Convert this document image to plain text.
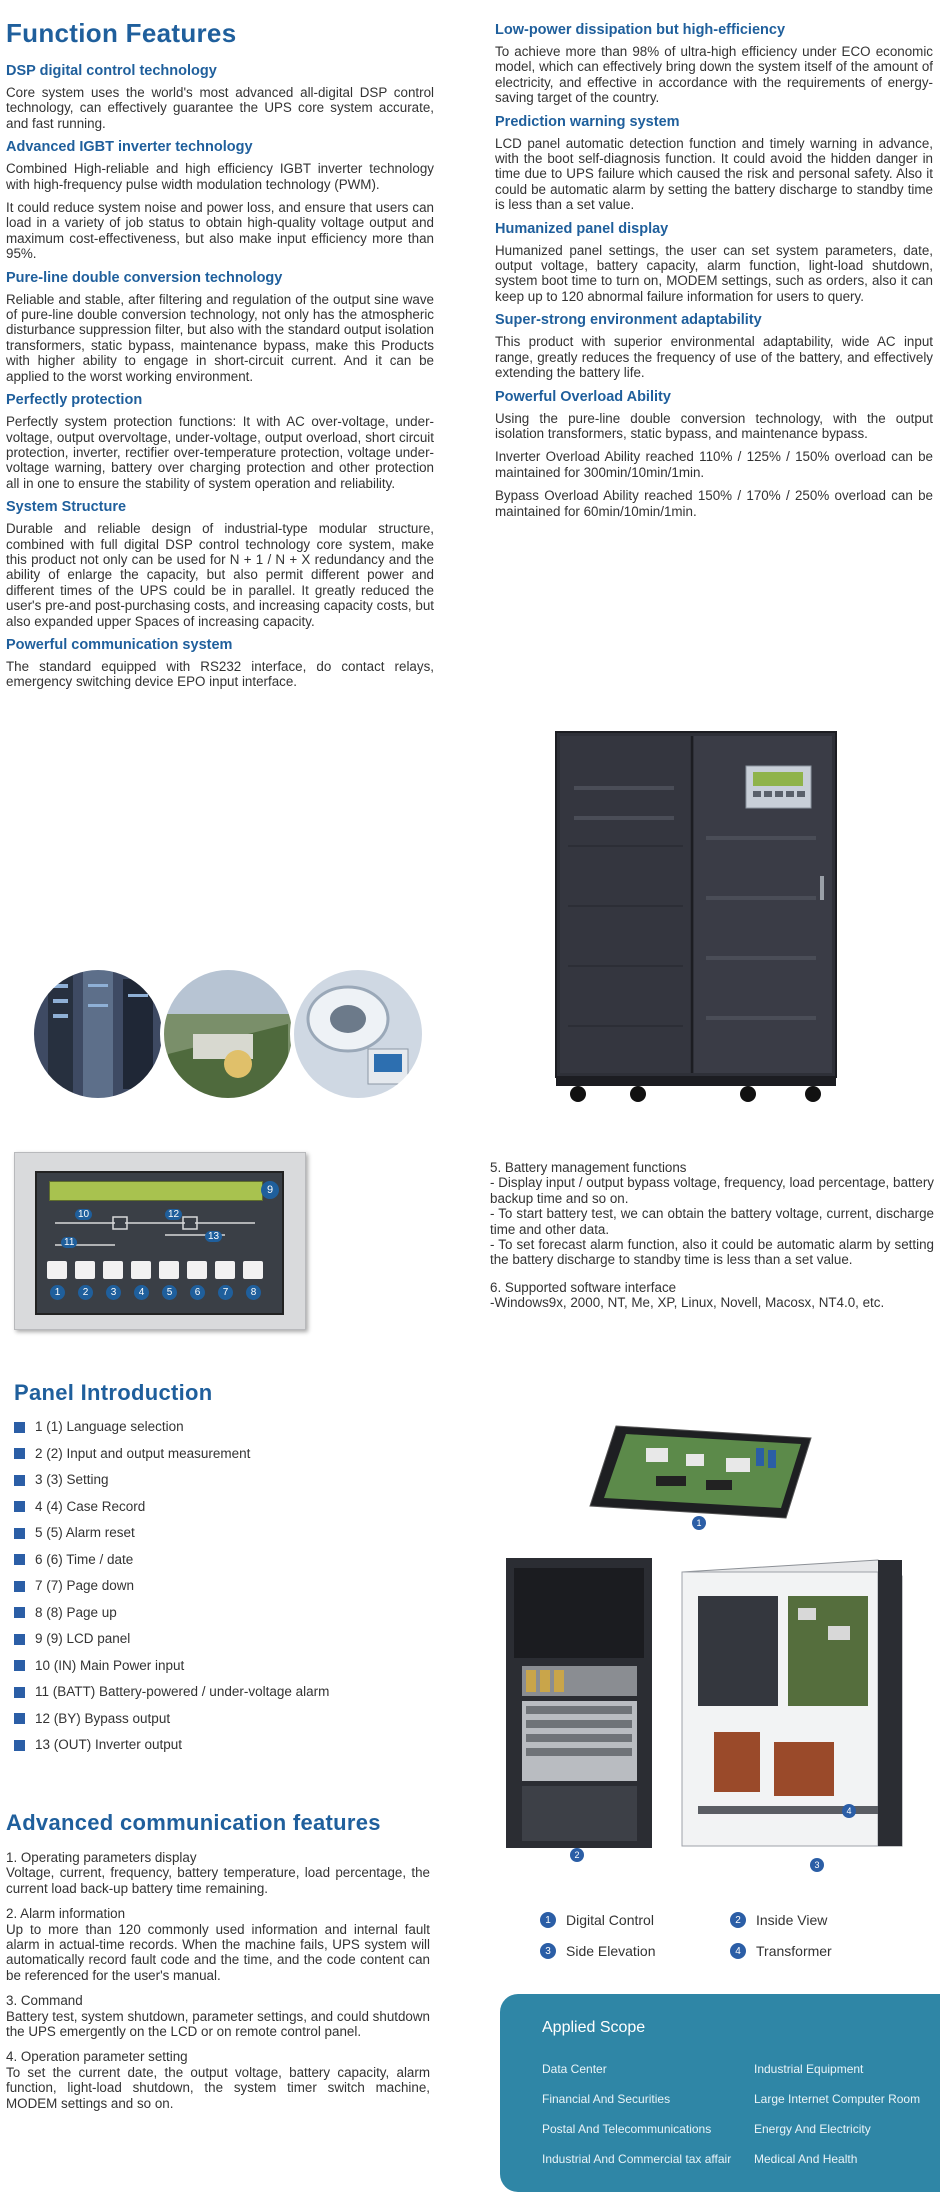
Function Features
DSP digital control technology

Core system uses the world's most advanced all-digital DSP control technology, can effectively guarantee the UPS core system accurate, and fast running.

Advanced IGBT inverter technology

Combined High-reliable and high efficiency IGBT inverter technology with high-frequency pulse width modulation technology (PWM).

It could reduce system noise and power loss, and ensure that users can load in a variety of job status to obtain high-quality voltage output and maximum cost-effectiveness, but also make input efficiency more than 95%.

Pure-line double conversion technology

Reliable and stable, after filtering and regulation of the output sine wave of pure-line double conversion technology, not only has the atmospheric disturbance suppression filter, but also with the standard output isolation transformers, static bypass, maintenance bypass, make this Products with higher ability to engage in short-circuit current. And it can be applied to the worst working environment.

Perfectly protection

Perfectly system protection functions: It with AC over-voltage, under-voltage, output overvoltage, under-voltage, output overload, short circuit protection, inverter, rectifier over-temperature protection, voltage under-voltage warning, battery over charging protection and other protection all in one to ensure the stability of system operation and reliability.

System Structure

Durable and reliable design of industrial-type modular structure, combined with full digital DSP control technology core system, make this product not only can be used for N + 1 / N + X redundancy and the ability of enlarge the capacity, but also permit different power and different times of the UPS could be in parallel. It greatly reduced the user's pre-and post-purchasing costs, and increasing capacity costs, but also expanded upper Spaces of increasing capacity.

Powerful communication system

The standard equipped with RS232 interface, do contact relays, emergency switching device EPO input interface.

Low-power dissipation but high-efficiency

To achieve more than 98% of ultra-high efficiency under ECO economic model, which can effectively bring down the system itself of the amount of electricity, and effective in accordance with the requirements of energy-saving target of the country.

Prediction warning system

LCD panel automatic detection function and timely warning in advance, with the boot self-diagnosis function. It could avoid the hidden danger in time due to UPS failure which caused the risk and personal safety. Also it could be automatic alarm by setting the battery discharge to standby time is less than a set value.

Humanized panel display

Humanized panel settings, the user can set system parameters, date, output voltage, battery capacity, alarm function, light-load shutdown, system boot time to turn on, MODEM settings, such as orders, also it can keep up to 120 abnormal failure information for users to query.

Super-strong environment adaptability

This product with superior environmental adaptability, wide AC input range, greatly reduces the frequency of use of the battery, and effectively extending the battery life.

Powerful Overload Ability

Using the pure-line double conversion technology, with the output isolation transformers, static bypass, and maintenance bypass.

Inverter Overload Ability reached 110% / 125% / 150% overload can be maintained for 300min/10min/1min.

Bypass Overload Ability reached 150% / 170% / 250% overload can be maintained for 60min/10min/1min.

9
10	12
11
13
1	2	3	4	5	6	7	8
5. Battery management functions
- Display input / output bypass voltage, frequency, load percentage, battery backup time and so on.
- To start battery test, we can obtain the battery voltage, current, discharge time and other data.
- To set forecast alarm function, also it could be automatic alarm by setting the battery discharge to standby time is less than a set value.
6. Supported software interface
-Windows9x, 2000, NT, Me, XP, Linux, Novell, Macosx, NT4.0, etc.
Panel Introduction
1 (1) Language selection
2 (2) Input and output measurement
3 (3) Setting
4 (4) Case Record
5 (5) Alarm reset
6 (6) Time / date
7 (7) Page down
8 (8) Page up
9 (9) LCD panel
10 (IN) Main Power input
11 (BATT) Battery-powered / under-voltage alarm
12 (BY) Bypass output
13 (OUT) Inverter output
1
2
4
3
1	Digital Control	2	Inside View
3	Side Elevation	4	Transformer
Advanced communication features
1. Operating parameters display
Voltage, current, frequency, battery temperature, load percentage, the current load back-up battery time remaining.
2. Alarm information
Up to more than 120 commonly used information and internal fault alarm in actual-time records. When the machine fails, UPS system will automatically record fault code and the time, and the code content can be referenced for the user's manual.
3. Command
Battery test, system shutdown, parameter settings, and could shutdown the UPS emergently on the LCD or on remote control panel.
4. Operation parameter setting
To set the current date, the output voltage, battery capacity, alarm function, light-load shutdown, the system timer switch machine, MODEM settings and so on.
Applied Scope
Data Center
Financial And Securities
Postal And Telecommunications
Industrial And Commercial tax affair
Industrial Equipment
Large Internet Computer Room
Energy And Electricity
Medical And Health
